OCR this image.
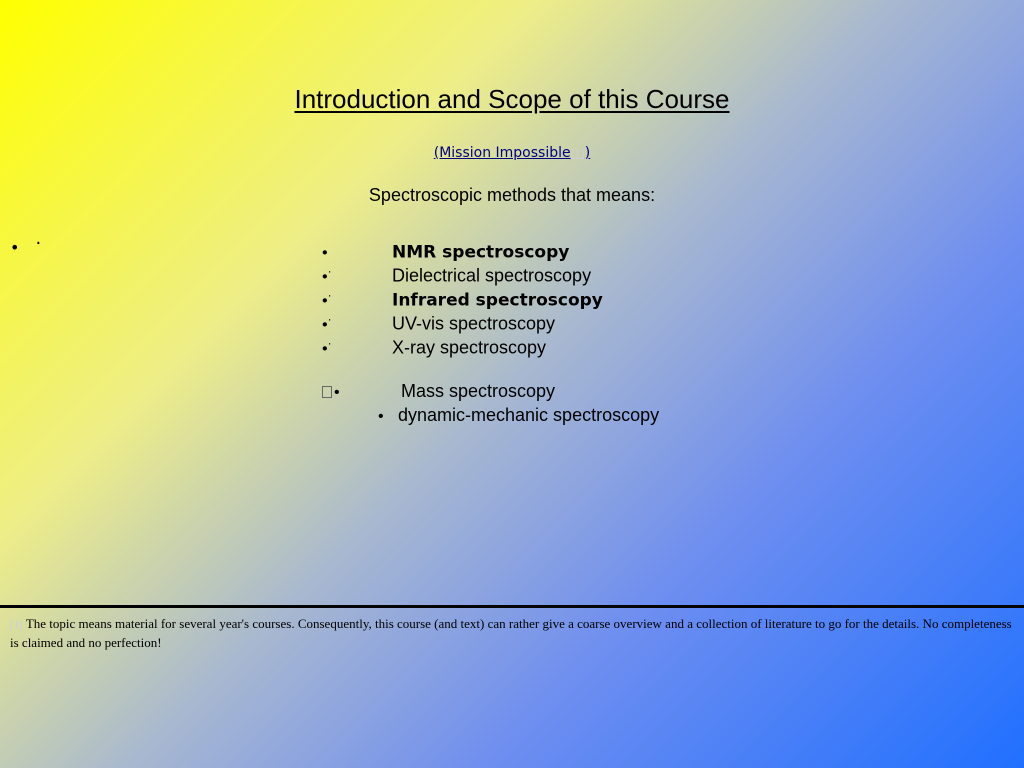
Introduction and Scope of this Course
(Mission Impossible[1])
Spectroscopic methods that means:
• ·	•	NMR spectroscopy
•·	Dielectrical spectroscopy
•·	Infrared spectroscopy
•·	UV-vis spectroscopy
•·	X-ray spectroscopy
•	Mass spectroscopy
• dynamic-mechanic spectroscopy
[1] The topic means material for several year's courses. Consequently, this course (and text) can rather give a coarse overview and a collection of literature to go for the details. No completeness is claimed and no perfection!
